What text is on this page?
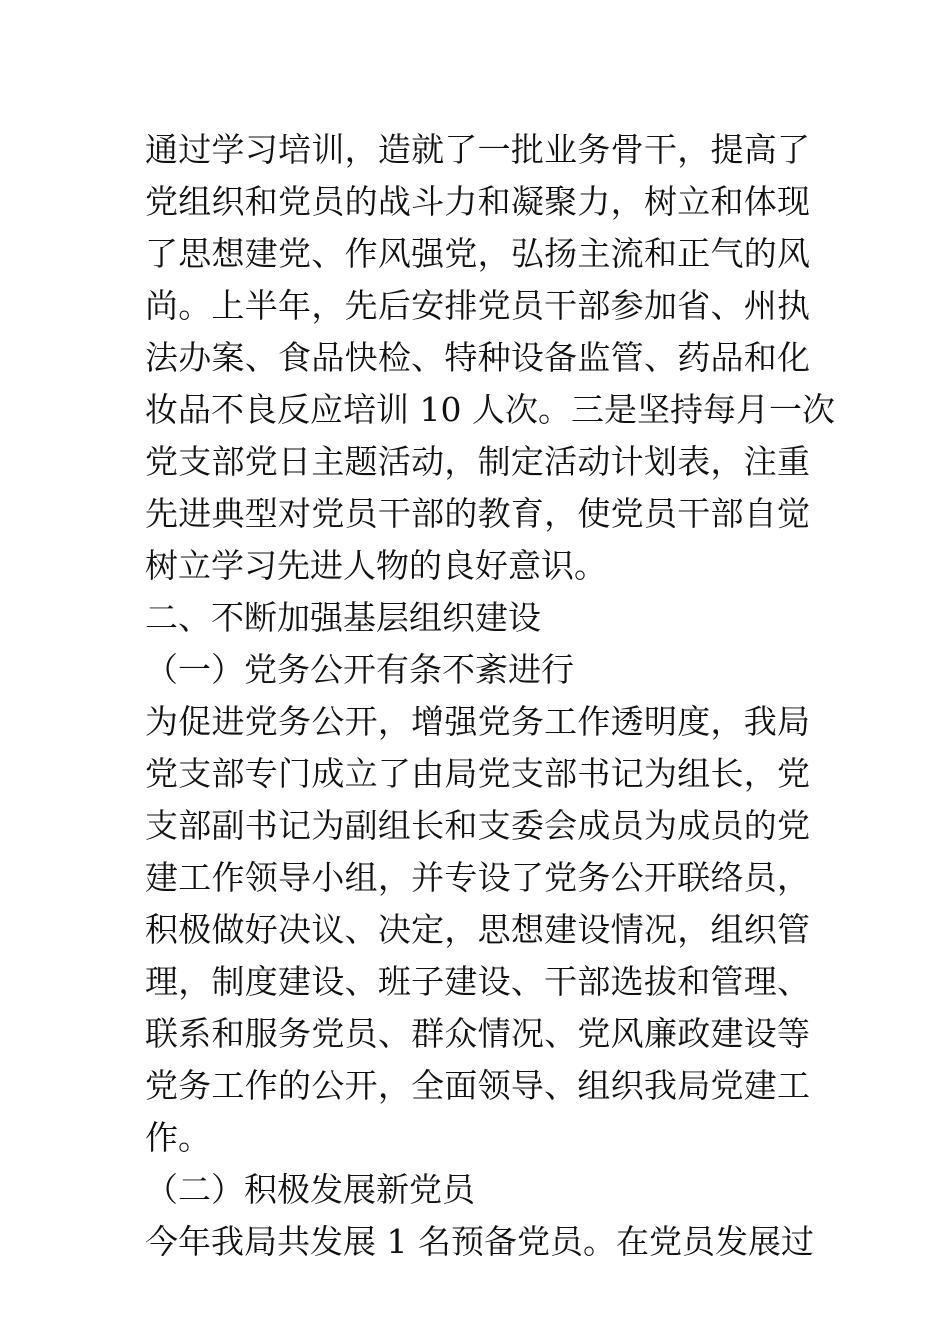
通过学习培训，造就了一批业务骨干，提高了
党组织和党员的战斗力和凝聚力，树立和体现
了思想建党、作风强党，弘扬主流和正气的风
尚。上半年，先后安排党员干部参加省、州执
法办案、食品快检、特种设备监管、药品和化
妆品不良反应培训 10 人次。三是坚持每月一次
党支部党日主题活动，制定活动计划表，注重
先进典型对党员干部的教育，使党员干部自觉
树立学习先进人物的良好意识。
二、不断加强基层组织建设
（一）党务公开有条不紊进行
为促进党务公开，增强党务工作透明度，我局
党支部专门成立了由局党支部书记为组长，党
支部副书记为副组长和支委会成员为成员的党
建工作领导小组，并专设了党务公开联络员，
积极做好决议、决定，思想建设情况，组织管
理，制度建设、班子建设、干部选拔和管理、
联系和服务党员、群众情况、党风廉政建设等
党务工作的公开，全面领导、组织我局党建工
作。
（二）积极发展新党员
今年我局共发展 1 名预备党员。在党员发展过
